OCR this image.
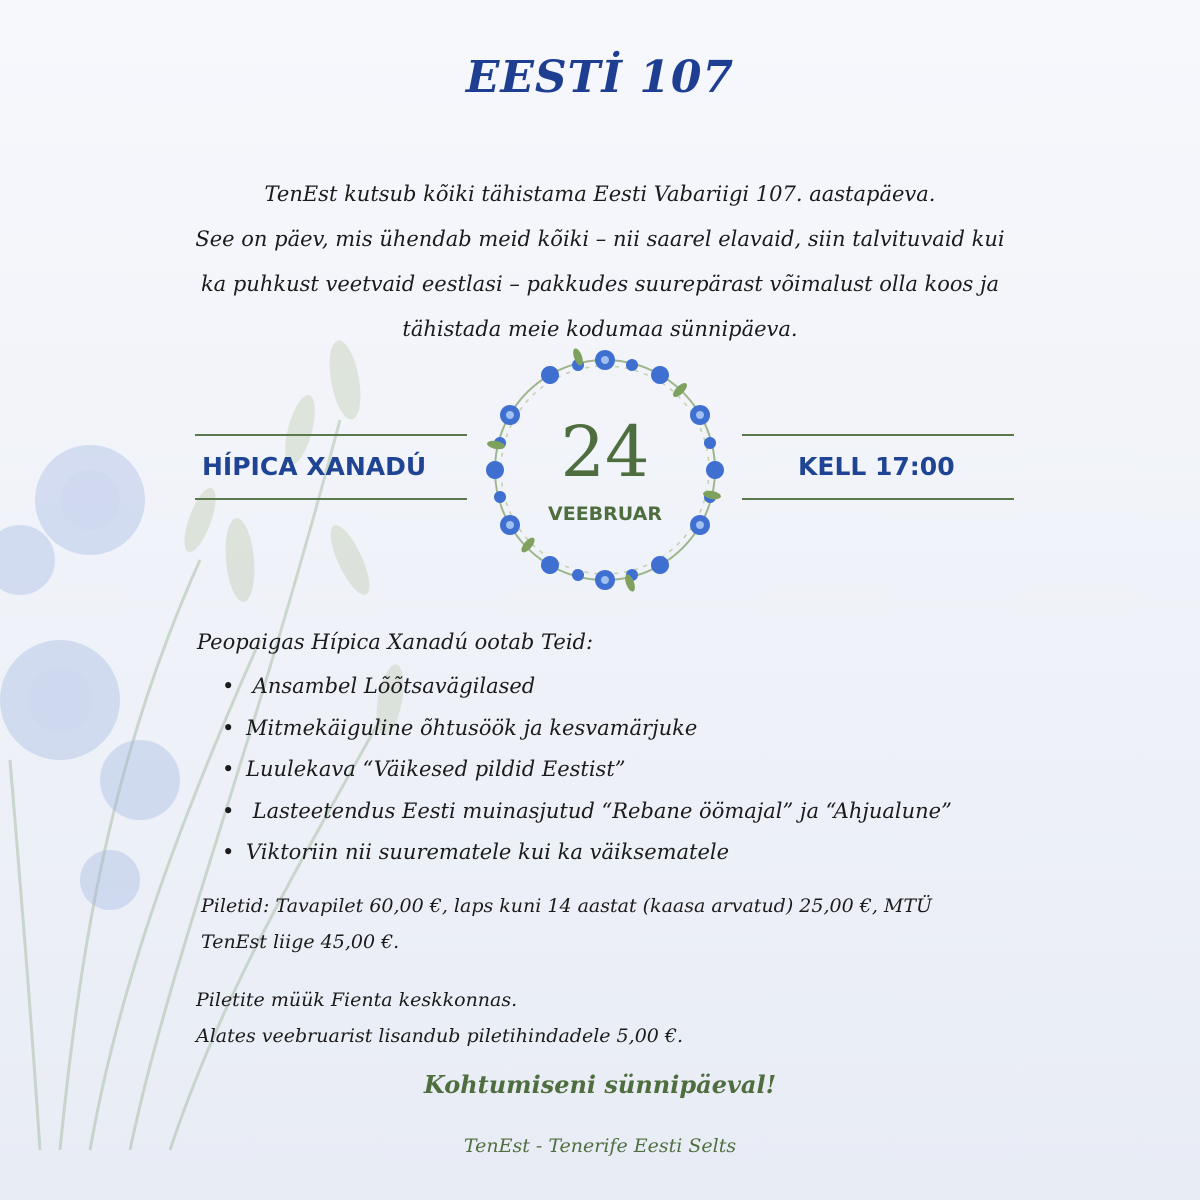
EESTİ 107
TenEst kutsub kõiki tähistama Eesti Vabariigi 107. aastapäeva.
See on päev, mis ühendab meid kõiki – nii saarel elavaid, siin talvituvaid kui
ka puhkust veetvaid eestlasi – pakkudes suurepärast võimalust olla koos ja
tähistada meie kodumaa sünnipäeva.
HÍPICA XANADÚ	KELL 17:00
24
VEEBRUAR
Peopaigas Hípica Xanadú ootab Teid:
• Ansambel Lõõtsavägilased
• Mitmekäiguline õhtusöök ja kesvamärjuke
• Luulekava “Väikesed pildid Eestist”
• Lasteetendus Eesti muinasjutud “Rebane öömajal” ja “Ahjualune”
• Viktoriin nii suurematele kui ka väiksematele
Piletid: Tavapilet 60,00 €, laps kuni 14 aastat (kaasa arvatud) 25,00 €, MTÜ
TenEst liige 45,00 €.
Piletite müük Fienta keskkonnas.
Alates veebruarist lisandub piletihindadele 5,00 €.
Kohtumiseni sünnipäeval!
TenEst - Tenerife Eesti Selts
